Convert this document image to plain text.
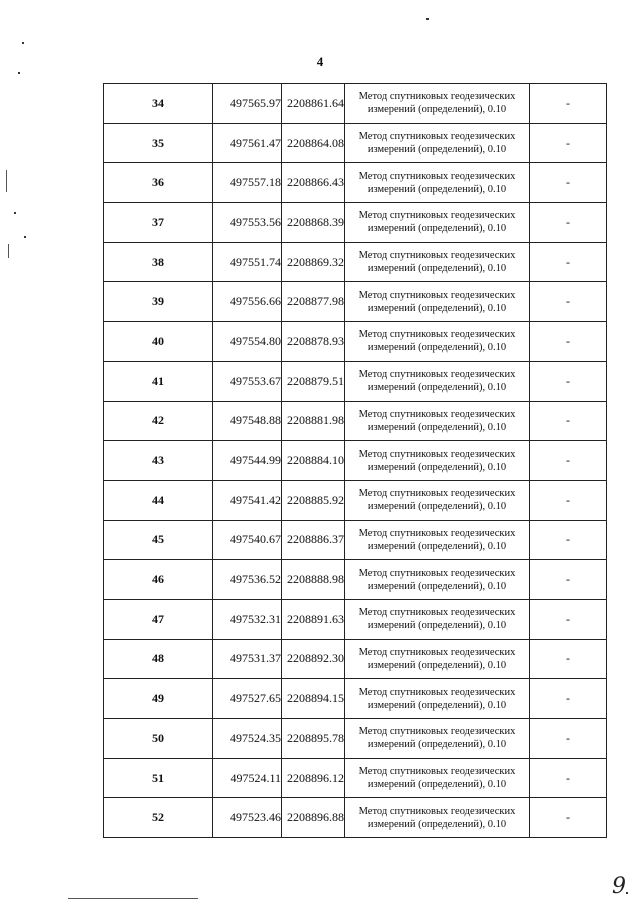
4
34	497565.97	2208861.64	Метод спутниковых геодезических измерений (определений), 0.10	-
35	497561.47	2208864.08	Метод спутниковых геодезических измерений (определений), 0.10	-
36	497557.18	2208866.43	Метод спутниковых геодезических измерений (определений), 0.10	-
37	497553.56	2208868.39	Метод спутниковых геодезических измерений (определений), 0.10	-
38	497551.74	2208869.32	Метод спутниковых геодезических измерений (определений), 0.10	-
39	497556.66	2208877.98	Метод спутниковых геодезических измерений (определений), 0.10	-
40	497554.80	2208878.93	Метод спутниковых геодезических измерений (определений), 0.10	-
41	497553.67	2208879.51	Метод спутниковых геодезических измерений (определений), 0.10	-
42	497548.88	2208881.98	Метод спутниковых геодезических измерений (определений), 0.10	-
43	497544.99	2208884.10	Метод спутниковых геодезических измерений (определений), 0.10	-
44	497541.42	2208885.92	Метод спутниковых геодезических измерений (определений), 0.10	-
45	497540.67	2208886.37	Метод спутниковых геодезических измерений (определений), 0.10	-
46	497536.52	2208888.98	Метод спутниковых геодезических измерений (определений), 0.10	-
47	497532.31	2208891.63	Метод спутниковых геодезических измерений (определений), 0.10	-
48	497531.37	2208892.30	Метод спутниковых геодезических измерений (определений), 0.10	-
49	497527.65	2208894.15	Метод спутниковых геодезических измерений (определений), 0.10	-
50	497524.35	2208895.78	Метод спутниковых геодезических измерений (определений), 0.10	-
51	497524.11	2208896.12	Метод спутниковых геодезических измерений (определений), 0.10	-
52	497523.46	2208896.88	Метод спутниковых геодезических измерений (определений), 0.10	-
9
